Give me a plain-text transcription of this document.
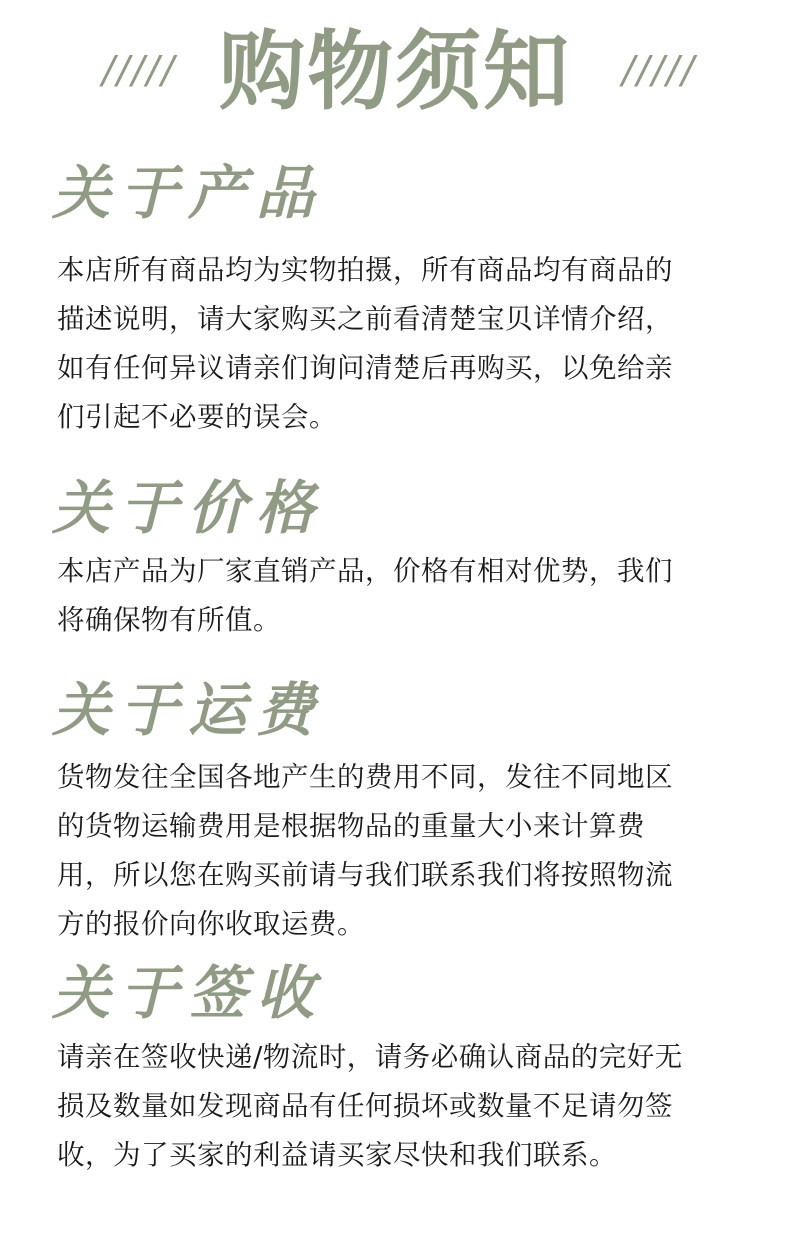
///// 购物须知	/////
关于产品

本店所有商品均为实物拍摄，所有商品均有商品的

描述说明，请大家购买之前看清楚宝贝详情介绍，

如有任何异议请亲们询问清楚后再购买，以免给亲

们引起不必要的误会。

关于价格

本店产品为厂家直销产品，价格有相对优势，我们

将确保物有所值。

关于运费

货物发往全国各地产生的费用不同，发往不同地区

的货物运输费用是根据物品的重量大小来计算费

用，所以您在购买前请与我们联系我们将按照物流

方的报价向你收取运费。

关于签收

请亲在签收快递/物流时，请务必确认商品的完好无

损及数量如发现商品有任何损坏或数量不足请勿签

收，为了买家的利益请买家尽快和我们联系。
